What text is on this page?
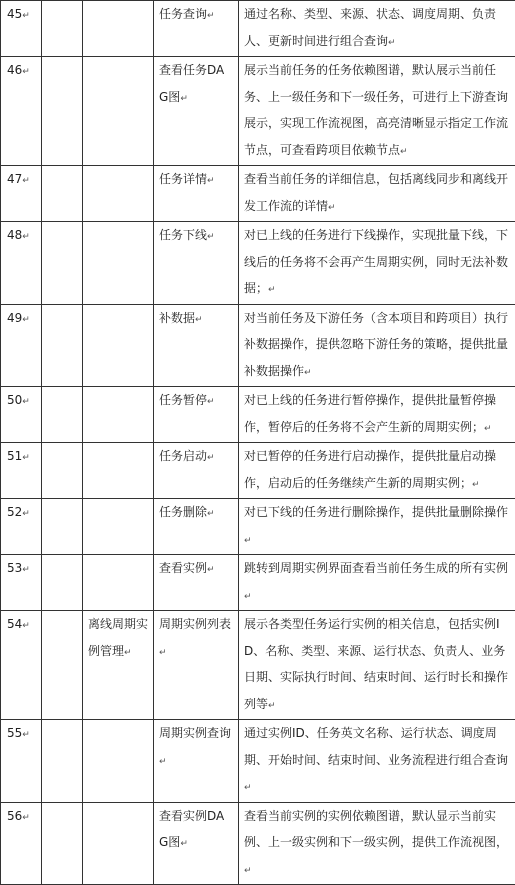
45↵			任务查询↵	通过名称、类型、来源、状态、调度周期、负责人、更新时间进行组合查询↵
46↵			查看任务DAG图↵	展示当前任务的任务依赖图谱，默认展示当前任务、上一级任务和下一级任务，可进行上下游查询展示，实现工作流视图，高亮清晰显示指定工作流节点，可查看跨项目依赖节点↵
47↵			任务详情↵	查看当前任务的详细信息，包括离线同步和离线开发工作流的详情↵
48↵			任务下线↵	对已上线的任务进行下线操作，实现批量下线，下线后的任务将不会再产生周期实例，同时无法补数据；↵
49↵			补数据↵	对当前任务及下游任务（含本项目和跨项目）执行补数据操作，提供忽略下游任务的策略，提供批量补数据操作↵
50↵			任务暂停↵	对已上线的任务进行暂停操作，提供批量暂停操作，暂停后的任务将不会产生新的周期实例；↵
51↵			任务启动↵	对已暂停的任务进行启动操作，提供批量启动操作，启动后的任务继续产生新的周期实例；↵
52↵			任务删除↵	对已下线的任务进行删除操作，提供批量删除操作↵
53↵			查看实例↵	跳转到周期实例界面查看当前任务生成的所有实例↵
54↵		离线周期实例管理↵	周期实例列表↵	展示各类型任务运行实例的相关信息，包括实例ID、名称、类型、来源、运行状态、负责人、业务日期、实际执行时间、结束时间、运行时长和操作列等↵
55↵			周期实例查询↵	通过实例ID、任务英文名称、运行状态、调度周期、开始时间、结束时间、业务流程进行组合查询↵
56↵			查看实例DAG图↵	查看当前实例的实例依赖图谱，默认显示当前实例、上一级实例和下一级实例，提供工作流视图，↵
